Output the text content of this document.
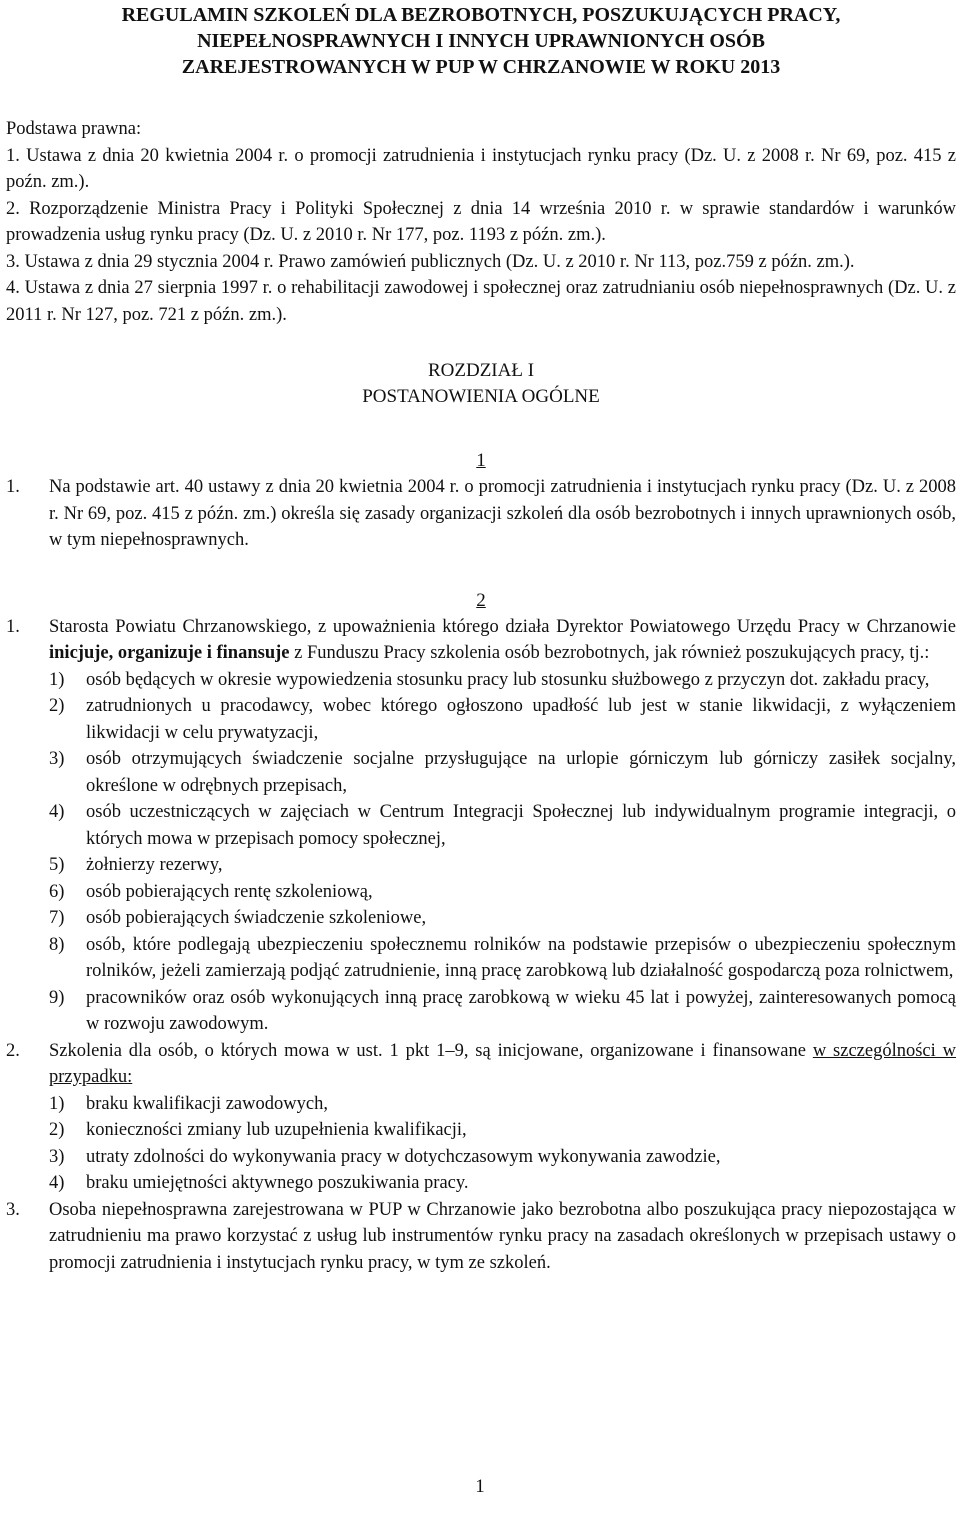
REGULAMIN SZKOLEŃ DLA BEZROBOTNYCH, POSZUKUJĄCYCH PRACY,

NIEPEŁNOSPRAWNYCH I INNYCH UPRAWNIONYCH OSÓB

ZAREJESTROWANYCH W PUP W CHRZANOWIE W ROKU 2013

Podstawa prawna:
1. Ustawa z dnia 20 kwietnia 2004 r. o promocji zatrudnienia i instytucjach rynku pracy (Dz. U. z 2008 r. Nr 69, poz. 415 z poźn. zm.).
2. Rozporządzenie Ministra Pracy i Polityki Społecznej z dnia 14 września 2010 r. w sprawie standardów i warunków prowadzenia usług rynku pracy (Dz. U. z 2010 r. Nr 177, poz. 1193 z późn. zm.).
3. Ustawa z dnia 29 stycznia 2004 r. Prawo zamówień publicznych (Dz. U. z 2010 r. Nr 113, poz.759 z późn. zm.).
4. Ustawa z dnia 27 sierpnia 1997 r. o rehabilitacji zawodowej i społecznej oraz zatrudnianiu osób niepełnosprawnych (Dz. U. z 2011 r. Nr 127, poz. 721 z późn. zm.).
ROZDZIAŁ I
POSTANOWIENIA OGÓLNE
1
1.	Na podstawie art. 40 ustawy z dnia 20 kwietnia 2004 r. o promocji zatrudnienia i instytucjach rynku pracy (Dz. U. z 2008 r. Nr 69, poz. 415 z późn. zm.) określa się zasady organizacji szkoleń dla osób bezrobotnych i innych uprawnionych osób, w tym niepełnosprawnych.
2
1.	Starosta Powiatu Chrzanowskiego, z upoważnienia którego działa Dyrektor Powiatowego Urzędu Pracy w Chrzanowie inicjuje, organizuje i finansuje z Funduszu Pracy szkolenia osób bezrobotnych, jak również poszukujących pracy, tj.:
1)	osób będących w okresie wypowiedzenia stosunku pracy lub stosunku służbowego z przyczyn dot. zakładu pracy,
2)	zatrudnionych u pracodawcy, wobec którego ogłoszono upadłość lub jest w stanie likwidacji, z wyłączeniem likwidacji w celu prywatyzacji,
3)	osób otrzymujących świadczenie socjalne przysługujące na urlopie górniczym lub górniczy zasiłek socjalny, określone w odrębnych przepisach,
4)	osób uczestniczących w zajęciach w Centrum Integracji Społecznej lub indywidualnym programie integracji, o których mowa w przepisach pomocy społecznej,
5)	żołnierzy rezerwy,
6)	osób pobierających rentę szkoleniową,
7)	osób pobierających świadczenie szkoleniowe,
8)	osób, które podlegają ubezpieczeniu społecznemu rolników na podstawie przepisów o ubezpieczeniu społecznym rolników, jeżeli zamierzają podjąć zatrudnienie, inną pracę zarobkową lub działalność gospodarczą poza rolnictwem,
9)	pracowników oraz osób wykonujących inną pracę zarobkową w wieku 45 lat i powyżej, zainteresowanych pomocą w rozwoju zawodowym.
2.	Szkolenia dla osób, o których mowa w ust. 1 pkt 1–9, są inicjowane, organizowane i finansowane w szczególności w przypadku:
1)	braku kwalifikacji zawodowych,
2)	konieczności zmiany lub uzupełnienia kwalifikacji,
3)	utraty zdolności do wykonywania pracy w dotychczasowym wykonywania zawodzie,
4)	braku umiejętności aktywnego poszukiwania pracy.
3.	Osoba niepełnosprawna zarejestrowana w PUP w Chrzanowie jako bezrobotna albo poszukująca pracy niepozostająca w zatrudnieniu ma prawo korzystać z usług lub instrumentów rynku pracy na zasadach określonych w przepisach ustawy o promocji zatrudnienia i instytucjach rynku pracy, w tym ze szkoleń.
1
